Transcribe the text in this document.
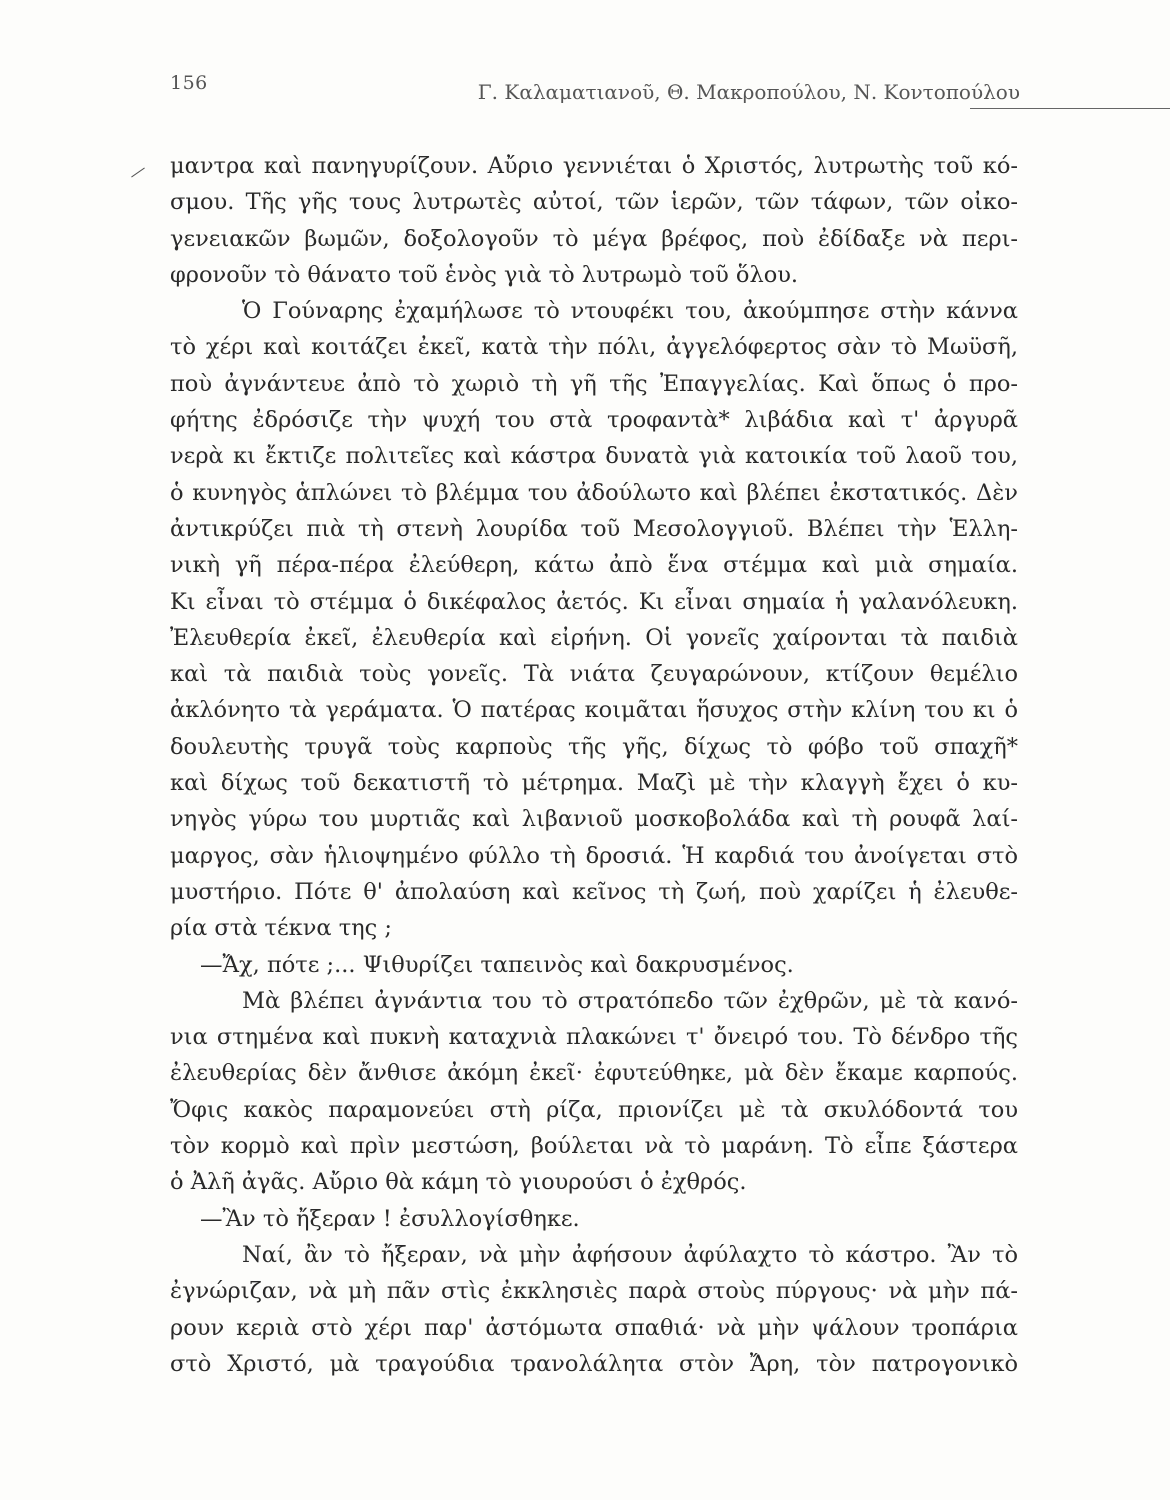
156	Γ. Καλαματιανοῦ, Θ. Μακροπούλου, Ν. Κοντοπούλου
μαντρα καὶ πανηγυρίζουν. Αὔριο γεννιέται ὁ Χριστός, λυτρωτὴς τοῦ κό-
σμου. Τῆς γῆς τους λυτρωτὲς αὐτοί, τῶν ἱερῶν, τῶν τάφων, τῶν οἰκο-
γενειακῶν βωμῶν, δοξολογοῦν τὸ μέγα βρέφος, ποὺ ἐδίδαξε νὰ περι-
φρονοῦν τὸ θάνατο τοῦ ἑνὸς γιὰ τὸ λυτρωμὸ τοῦ ὅλου.
Ὁ Γούναρης ἐχαμήλωσε τὸ ντουφέκι του, ἀκούμπησε στὴν κάννα
τὸ χέρι καὶ κοιτάζει ἐκεῖ, κατὰ τὴν πόλι, ἀγγελόφερτος σὰν τὸ Μωϋσῆ,
ποὺ ἀγνάντευε ἀπὸ τὸ χωριὸ τὴ γῆ τῆς Ἐπαγγελίας. Καὶ ὅπως ὁ προ-
φήτης ἐδρόσιζε τὴν ψυχή του στὰ τροφαντὰ* λιβάδια καὶ τ' ἀργυρᾶ
νερὰ κι ἔκτιζε πολιτεῖες καὶ κάστρα δυνατὰ γιὰ κατοικία τοῦ λαοῦ του,
ὁ κυνηγὸς ἁπλώνει τὸ βλέμμα του ἀδούλωτο καὶ βλέπει ἐκστατικός. Δὲν
ἀντικρύζει πιὰ τὴ στενὴ λουρίδα τοῦ Μεσολογγιοῦ. Βλέπει τὴν Ἑλλη-
νικὴ γῆ πέρα-πέρα ἐλεύθερη, κάτω ἀπὸ ἕνα στέμμα καὶ μιὰ σημαία.
Κι εἶναι τὸ στέμμα ὁ δικέφαλος ἀετός. Κι εἶναι σημαία ἡ γαλανόλευκη.
Ἐλευθερία ἐκεῖ, ἐλευθερία καὶ εἰρήνη. Οἱ γονεῖς χαίρονται τὰ παιδιὰ
καὶ τὰ παιδιὰ τοὺς γονεῖς. Τὰ νιάτα ζευγαρώνουν, κτίζουν θεμέλιο
ἀκλόνητο τὰ γεράματα. Ὁ πατέρας κοιμᾶται ἥσυχος στὴν κλίνη του κι ὁ
δουλευτὴς τρυγᾶ τοὺς καρποὺς τῆς γῆς, δίχως τὸ φόβο τοῦ σπαχῆ*
καὶ δίχως τοῦ δεκατιστῆ τὸ μέτρημα. Μαζὶ μὲ τὴν κλαγγὴ ἔχει ὁ κυ-
νηγὸς γύρω του μυρτιᾶς καὶ λιβανιοῦ μοσκοβολάδα καὶ τὴ ρουφᾶ λαί-
μαργος, σὰν ἡλιοψημένο φύλλο τὴ δροσιά. Ἡ καρδιά του ἀνοίγεται στὸ
μυστήριο. Πότε θ' ἀπολαύση καὶ κεῖνος τὴ ζωή, ποὺ χαρίζει ἡ ἐλευθε-
ρία στὰ τέκνα της ;
—Ἄχ, πότε ;... Ψιθυρίζει ταπεινὸς καὶ δακρυσμένος.
Μὰ βλέπει ἀγνάντια του τὸ στρατόπεδο τῶν ἐχθρῶν, μὲ τὰ κανό-
νια στημένα καὶ πυκνὴ καταχνιὰ πλακώνει τ' ὄνειρό του. Τὸ δένδρο τῆς
ἐλευθερίας δὲν ἄνθισε ἀκόμη ἐκεῖ· ἐφυτεύθηκε, μὰ δὲν ἔκαμε καρπούς.
Ὄφις κακὸς παραμονεύει στὴ ρίζα, πριονίζει μὲ τὰ σκυλόδοντά του
τὸν κορμὸ καὶ πρὶν μεστώση, βούλεται νὰ τὸ μαράνη. Τὸ εἶπε ξάστερα
ὁ Ἀλῆ ἀγᾶς. Αὔριο θὰ κάμη τὸ γιουρούσι ὁ ἐχθρός.
—Ἂν τὸ ἤξεραν ! ἐσυλλογίσθηκε.
Ναί, ἂν τὸ ἤξεραν, νὰ μὴν ἀφήσουν ἀφύλαχτο τὸ κάστρο. Ἂν τὸ
ἐγνώριζαν, νὰ μὴ πᾶν στὶς ἐκκλησιὲς παρὰ στοὺς πύργους· νὰ μὴν πά-
ρουν κεριὰ στὸ χέρι παρ' ἀστόμωτα σπαθιά· νὰ μὴν ψάλουν τροπάρια
στὸ Χριστό, μὰ τραγούδια τρανολάλητα στὸν Ἄρη, τὸν πατρογονικὸ
